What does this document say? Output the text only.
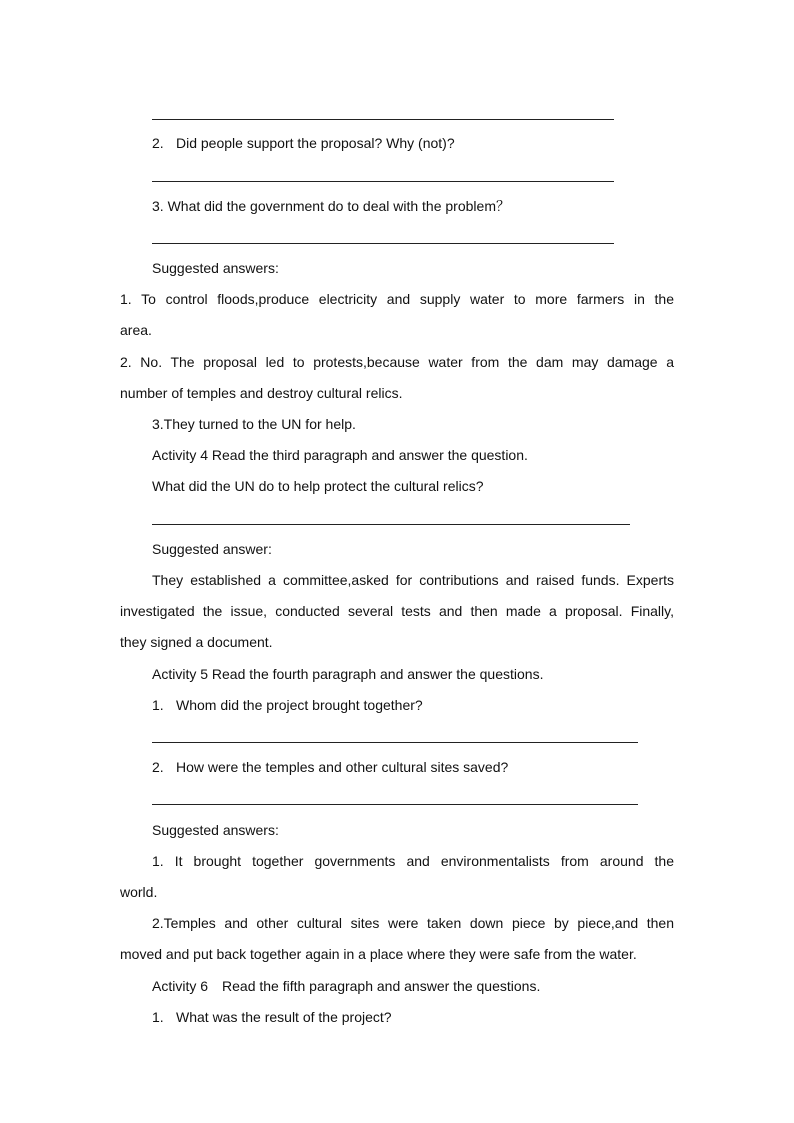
2. Did people support the proposal? Why (not)?
3. What did the government do to deal with the problem？
Suggested answers:
1. To control floods,produce electricity and supply water to more farmers in the
area.
2. No. The proposal led to protests,because water from the dam may damage a
number of temples and destroy cultural relics.
3.They turned to the UN for help.
Activity 4 Read the third paragraph and answer the question.
What did the UN do to help protect the cultural relics?
Suggested answer:
They established a committee,asked for contributions and raised funds. Experts
investigated the issue, conducted several tests and then made a proposal. Finally,
they signed a document.
Activity 5 Read the fourth paragraph and answer the questions.
1. Whom did the project brought together?
2. How were the temples and other cultural sites saved?
Suggested answers:
1. It brought together governments and environmentalists from around the
world.
2.Temples and other cultural sites were taken down piece by piece,and then
moved and put back together again in a place where they were safe from the water.
Activity 6 Read the fifth paragraph and answer the questions.
1. What was the result of the project?
